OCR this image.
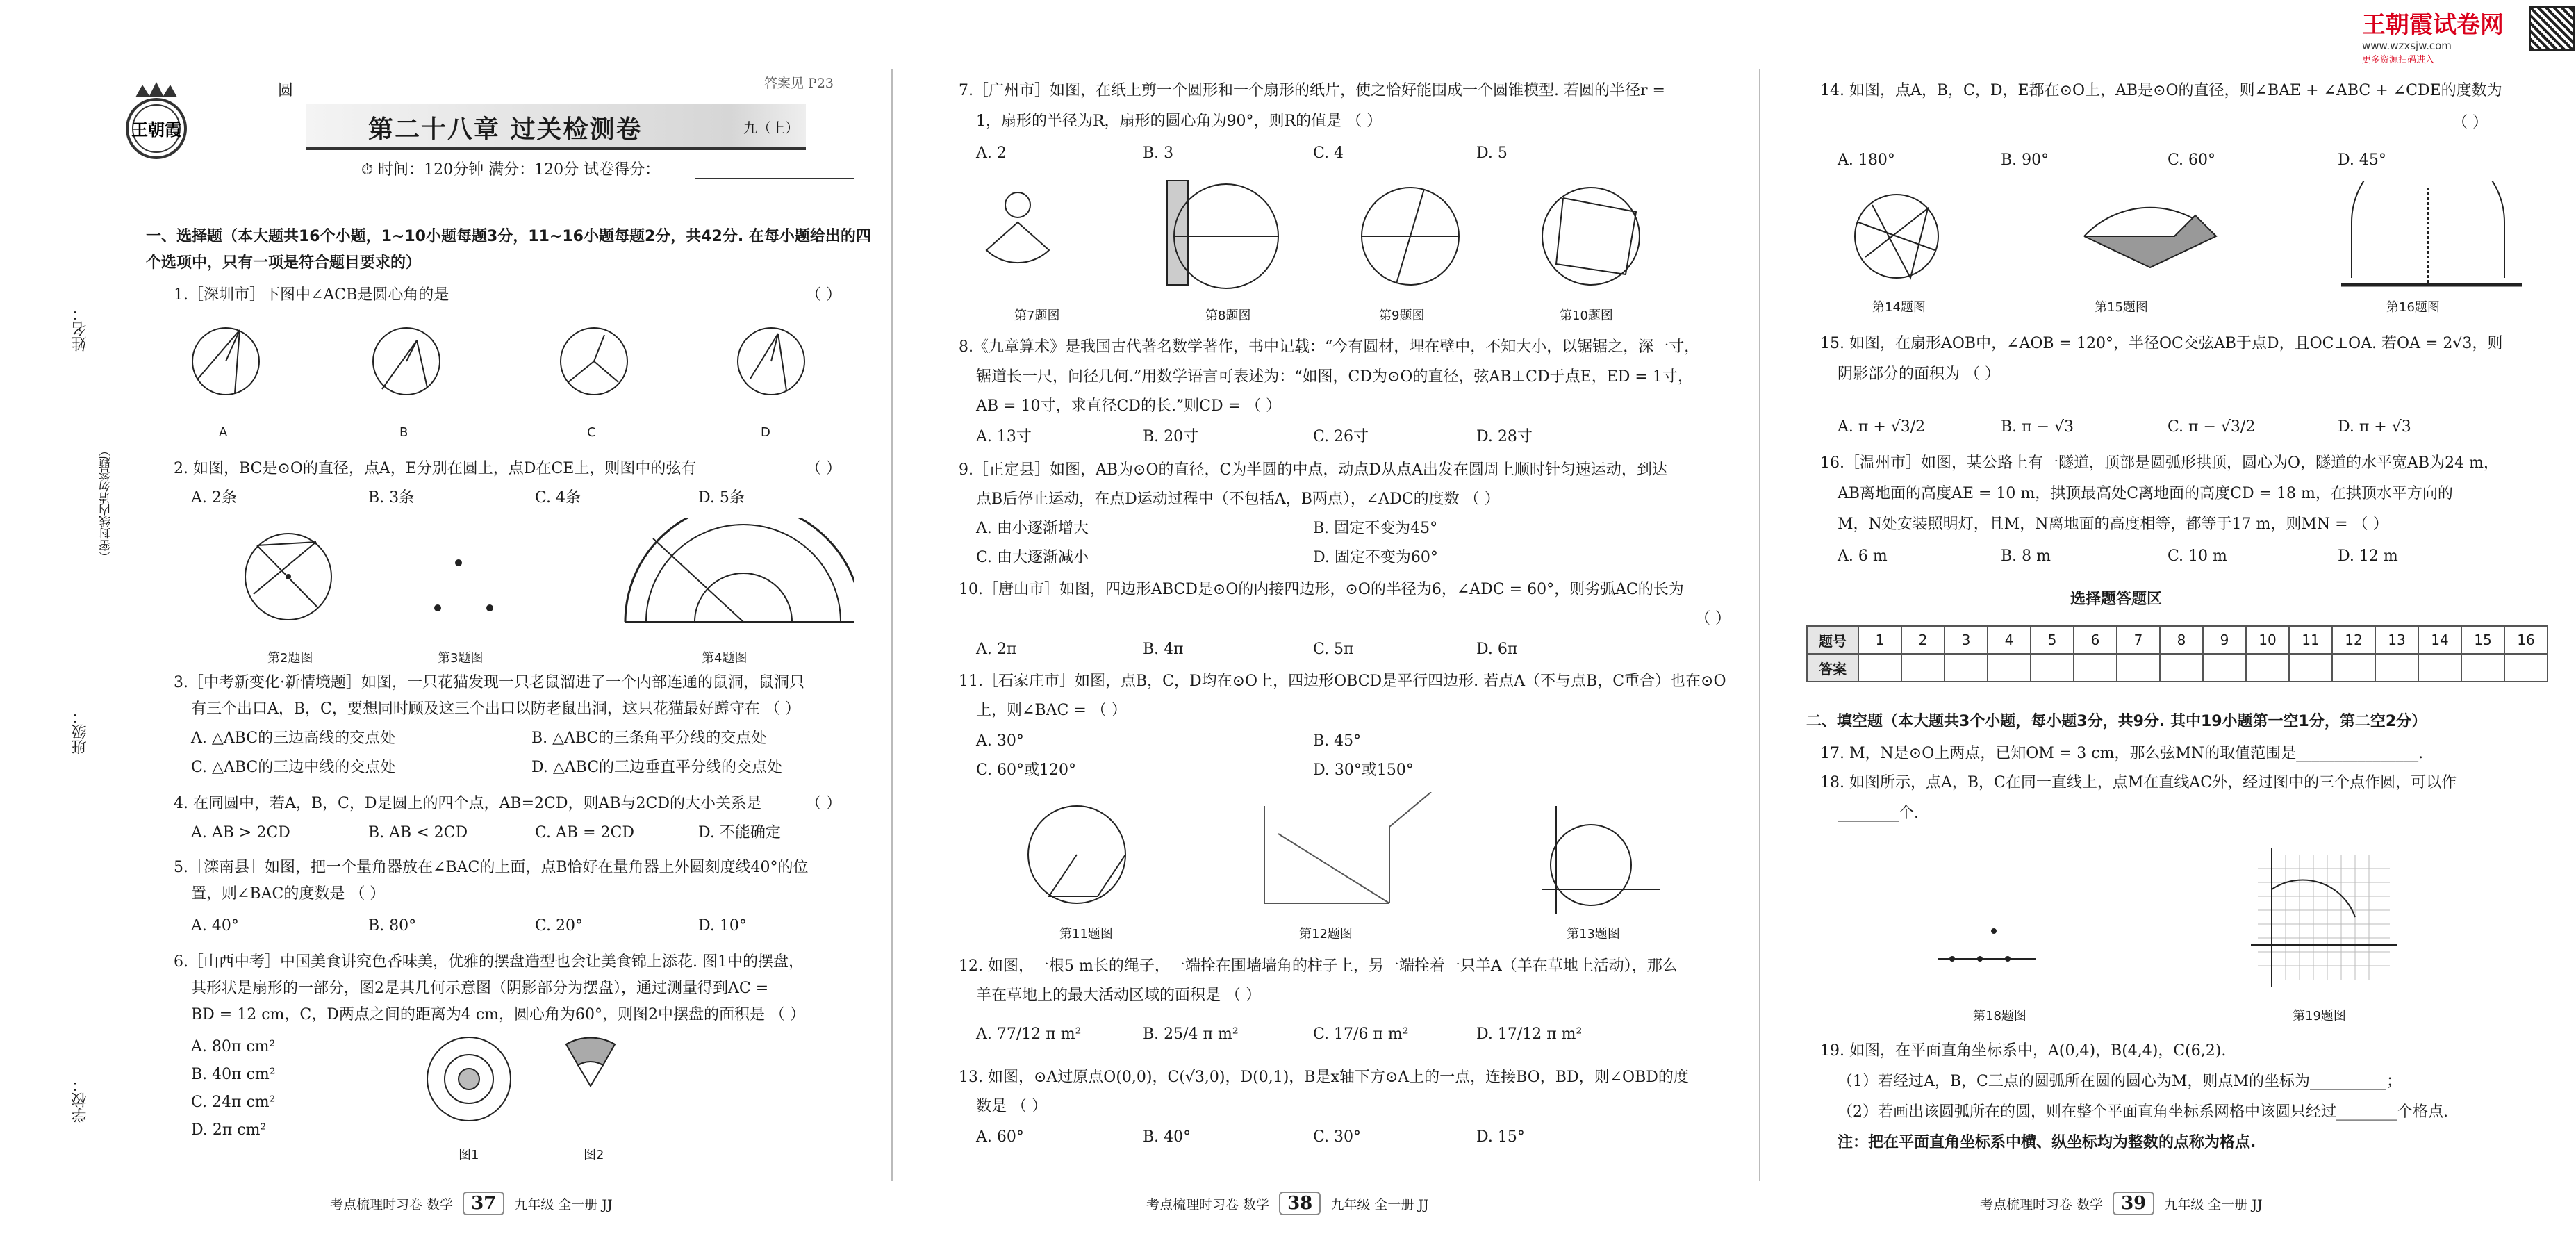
姓名：
班级：
学校：
（密封线内请勿答题）
王朝霞
圆	答案见 P23
第二十八章 过关检测卷	九（上）
⏱ 时间：120分钟 满分：120分 试卷得分：
一、选择题（本大题共16个小题，1~10小题每题3分，11~16小题每题2分，共42分. 在每小题给出的四个选项中，只有一项是符合题目要求的）
1.［深圳市］下图中∠ACB是圆心角的是	（ ）
A	B	C	D
2. 如图，BC是⊙O的直径，点A，E分别在圆上，点D在CE上，则图中的弦有	（ ）
A. 2条	B. 3条	C. 4条	D. 5条
第2题图	第3题图	第4题图
3.［中考新变化·新情境题］如图，一只花猫发现一只老鼠溜进了一个内部连通的鼠洞，鼠洞只
有三个出口A，B，C，要想同时顾及这三个出口以防老鼠出洞，这只花猫最好蹲守在 （ ）
A. △ABC的三边高线的交点处	B. △ABC的三条角平分线的交点处
C. △ABC的三边中线的交点处	D. △ABC的三边垂直平分线的交点处
4. 在同圆中，若A，B，C，D是圆上的四个点，AB=2CD，则AB与2CD的大小关系是	（ ）
A. AB > 2CD	B. AB < 2CD	C. AB = 2CD	D. 不能确定
5.［滦南县］如图，把一个量角器放在∠BAC的上面，点B恰好在量角器上外圆刻度线40°的位
置，则∠BAC的度数是 （ ）
A. 40°	B. 80°	C. 20°	D. 10°
6.［山西中考］中国美食讲究色香味美，优雅的摆盘造型也会让美食锦上添花. 图1中的摆盘，
其形状是扇形的一部分，图2是其几何示意图（阴影部分为摆盘），通过测量得到AC =
BD = 12 cm，C，D两点之间的距离为4 cm，圆心角为60°，则图2中摆盘的面积是 （ ）
A. 80π cm²
B. 40π cm²
C. 24π cm²
D. 2π cm²
图1	图2
考点梳理时习卷 数学 37 九年级 全一册 JJ
7.［广州市］如图，在纸上剪一个圆形和一个扇形的纸片，使之恰好能围成一个圆锥模型. 若圆的半径r =
1，扇形的半径为R，扇形的圆心角为90°，则R的值是 （ ）
A. 2	B. 3	C. 4	D. 5
第7题图	第8题图	第9题图	第10题图
8.《九章算术》是我国古代著名数学著作，书中记载：“今有圆材，埋在壁中，不知大小，以锯锯之，深一寸，
锯道长一尺，问径几何.”用数学语言可表述为：“如图，CD为⊙O的直径，弦AB⊥CD于点E，ED = 1寸，
AB = 10寸，求直径CD的长.”则CD = （ ）
A. 13寸	B. 20寸	C. 26寸	D. 28寸
9.［正定县］如图，AB为⊙O的直径，C为半圆的中点，动点D从点A出发在圆周上顺时针匀速运动，到达
点B后停止运动，在点D运动过程中（不包括A，B两点），∠ADC的度数 （ ）
A. 由小逐渐增大	B. 固定不变为45°
C. 由大逐渐减小	D. 固定不变为60°
10.［唐山市］如图，四边形ABCD是⊙O的内接四边形，⊙O的半径为6，∠ADC = 60°，则劣弧AC的长为
（ ）
A. 2π	B. 4π	C. 5π	D. 6π
11.［石家庄市］如图，点B，C，D均在⊙O上，四边形OBCD是平行四边形. 若点A（不与点B，C重合）也在⊙O
上，则∠BAC = （ ）
A. 30°	B. 45°
C. 60°或120°	D. 30°或150°
第11题图	第12题图	第13题图
12. 如图，一根5 m长的绳子，一端拴在围墙墙角的柱子上，另一端拴着一只羊A（羊在草地上活动），那么
羊在草地上的最大活动区域的面积是 （ ）
A. 77/12 π m²	B. 25/4 π m²	C. 17/6 π m²	D. 17/12 π m²
13. 如图，⊙A过原点O(0,0)，C(√3,0)，D(0,1)，B是x轴下方⊙A上的一点，连接BO，BD，则∠OBD的度
数是 （ ）
A. 60°	B. 40°	C. 30°	D. 15°
考点梳理时习卷 数学 38 九年级 全一册 JJ
王朝霞试卷网
www.wzxsjw.com
更多资源扫码进入
14. 如图，点A，B，C，D，E都在⊙O上，AB是⊙O的直径，则∠BAE + ∠ABC + ∠CDE的度数为
（ ）
A. 180°	B. 90°	C. 60°	D. 45°
第14题图	第15题图	第16题图
15. 如图，在扇形AOB中，∠AOB = 120°，半径OC交弦AB于点D，且OC⊥OA. 若OA = 2√3，则
阴影部分的面积为 （ ）
A. π + √3/2	B. π − √3	C. π − √3/2	D. π + √3
16.［温州市］如图，某公路上有一隧道，顶部是圆弧形拱顶，圆心为O，隧道的水平宽AB为24 m，
AB离地面的高度AE = 10 m，拱顶最高处C离地面的高度CD = 18 m，在拱顶水平方向的
M，N处安装照明灯，且M，N离地面的高度相等，都等于17 m，则MN = （ ）
A. 6 m	B. 8 m	C. 10 m	D. 12 m
选择题答题区
题号	1	2	3	4	5	6	7	8	9	10	11	12	13	14	15	16
答案																
二、填空题（本大题共3个小题，每小题3分，共9分. 其中19小题第一空1分，第二空2分）
17. M，N是⊙O上两点，已知OM = 3 cm，那么弦MN的取值范围是________________.
18. 如图所示，点A，B，C在同一直线上，点M在直线AC外，经过图中的三个点作圆，可以作
________个.
第18题图	第19题图
19. 如图，在平面直角坐标系中，A(0,4)，B(4,4)，C(6,2).
（1）若经过A，B，C三点的圆弧所在圆的圆心为M，则点M的坐标为__________；
（2）若画出该圆弧所在的圆，则在整个平面直角坐标系网格中该圆只经过________个格点.
注：把在平面直角坐标系中横、纵坐标均为整数的点称为格点.
考点梳理时习卷 数学 39 九年级 全一册 JJ
